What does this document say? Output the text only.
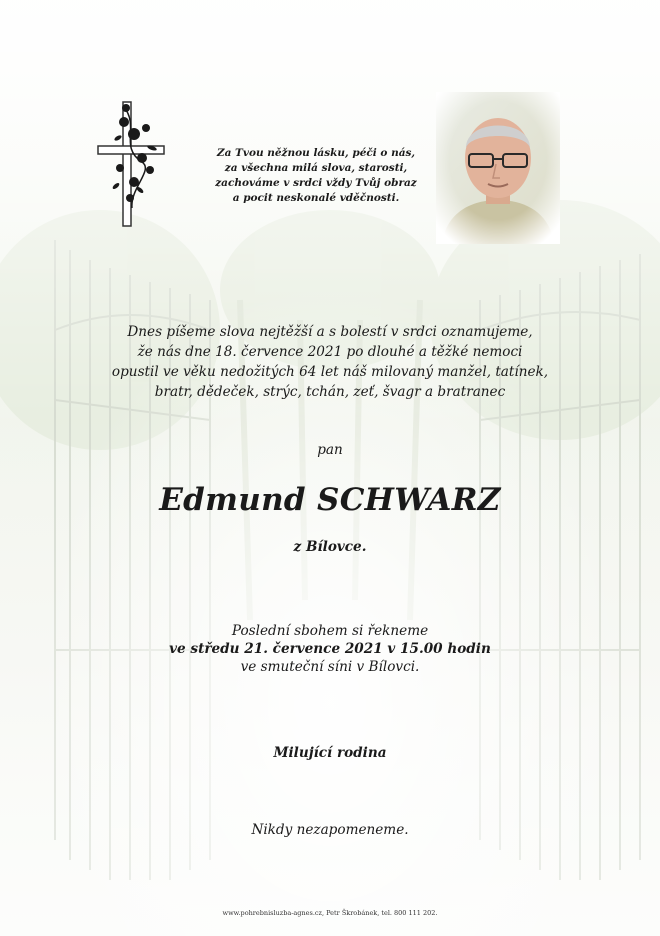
Za Tvou něžnou lásku, péči o nás,
za všechna milá slova, starosti,
zachováme v srdci vždy Tvůj obraz
a pocit neskonalé vděčnosti.
Dnes píšeme slova nejtěžší a s bolestí v srdci oznamujeme,
že nás dne 18. července 2021 po dlouhé a těžké nemoci
opustil ve věku nedožitých 64 let náš milovaný manžel, tatínek,
bratr, dědeček, strýc, tchán, zeť, švagr a bratranec
pan
Edmund SCHWARZ
z Bílovce.
Poslední sbohem si řekneme
ve středu 21. července 2021 v 15.00 hodin
ve smuteční síni v Bílovci.
Milující rodina
Nikdy nezapomeneme.
www.pohrebnisluzba-agnes.cz, Petr Škrobánek, tel. 800 111 202.
